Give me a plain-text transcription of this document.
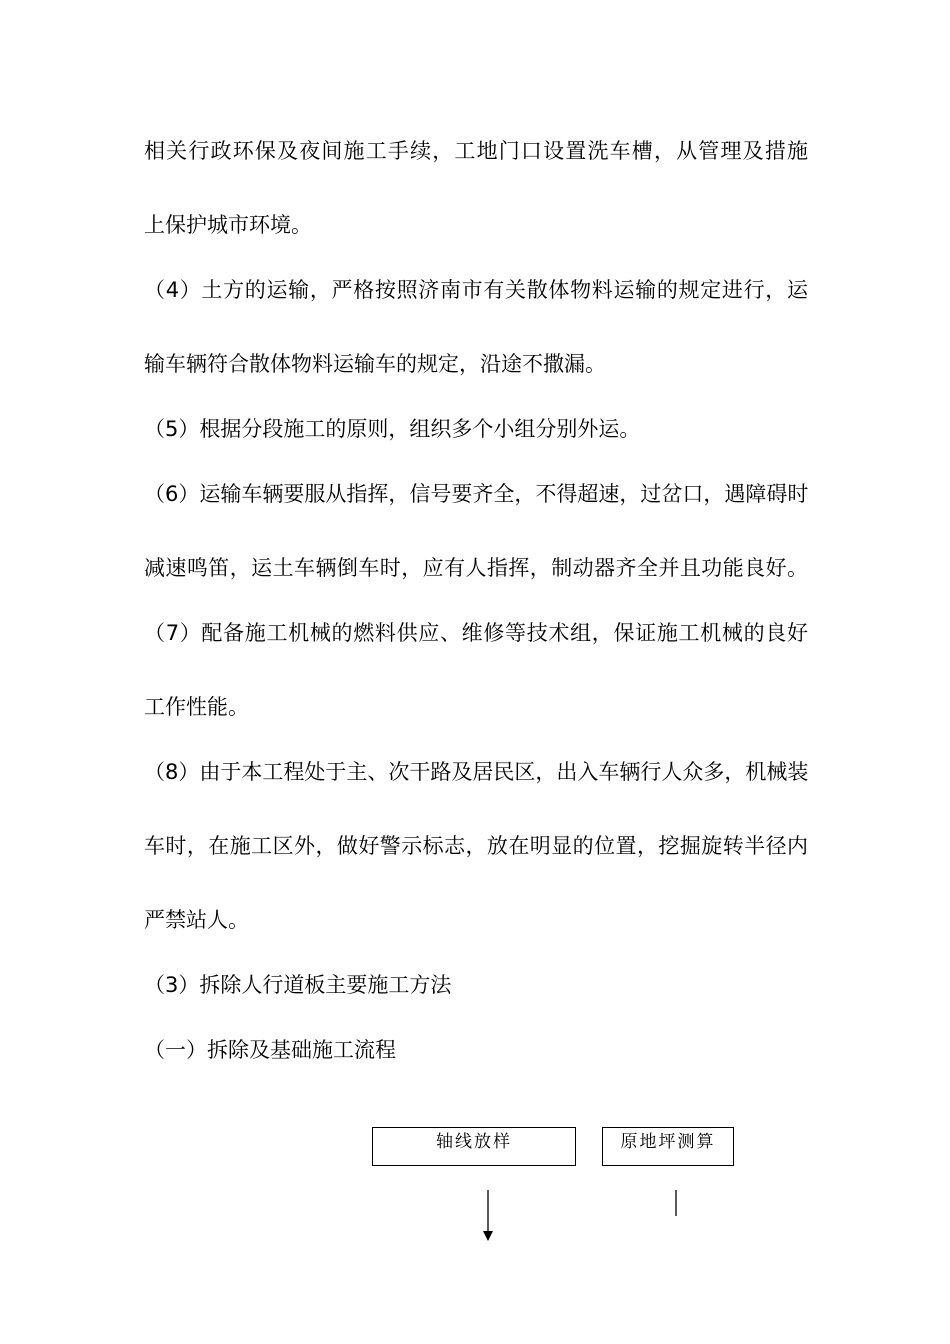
相关行政环保及夜间施工手续，工地门口设置洗车槽，从管理及措施
上保护城市环境。
（4）土方的运输，严格按照济南市有关散体物料运输的规定进行，运
输车辆符合散体物料运输车的规定，沿途不撒漏。
（5）根据分段施工的原则，组织多个小组分别外运。
（6）运输车辆要服从指挥，信号要齐全，不得超速，过岔口，遇障碍时
减速鸣笛，运土车辆倒车时，应有人指挥，制动器齐全并且功能良好。
（7）配备施工机械的燃料供应、维修等技术组，保证施工机械的良好
工作性能。
（8）由于本工程处于主、次干路及居民区，出入车辆行人众多，机械装
车时，在施工区外，做好警示标志，放在明显的位置，挖掘旋转半径内
严禁站人。
（3）拆除人行道板主要施工方法
（一）拆除及基础施工流程
轴线放样	原地坪测算
